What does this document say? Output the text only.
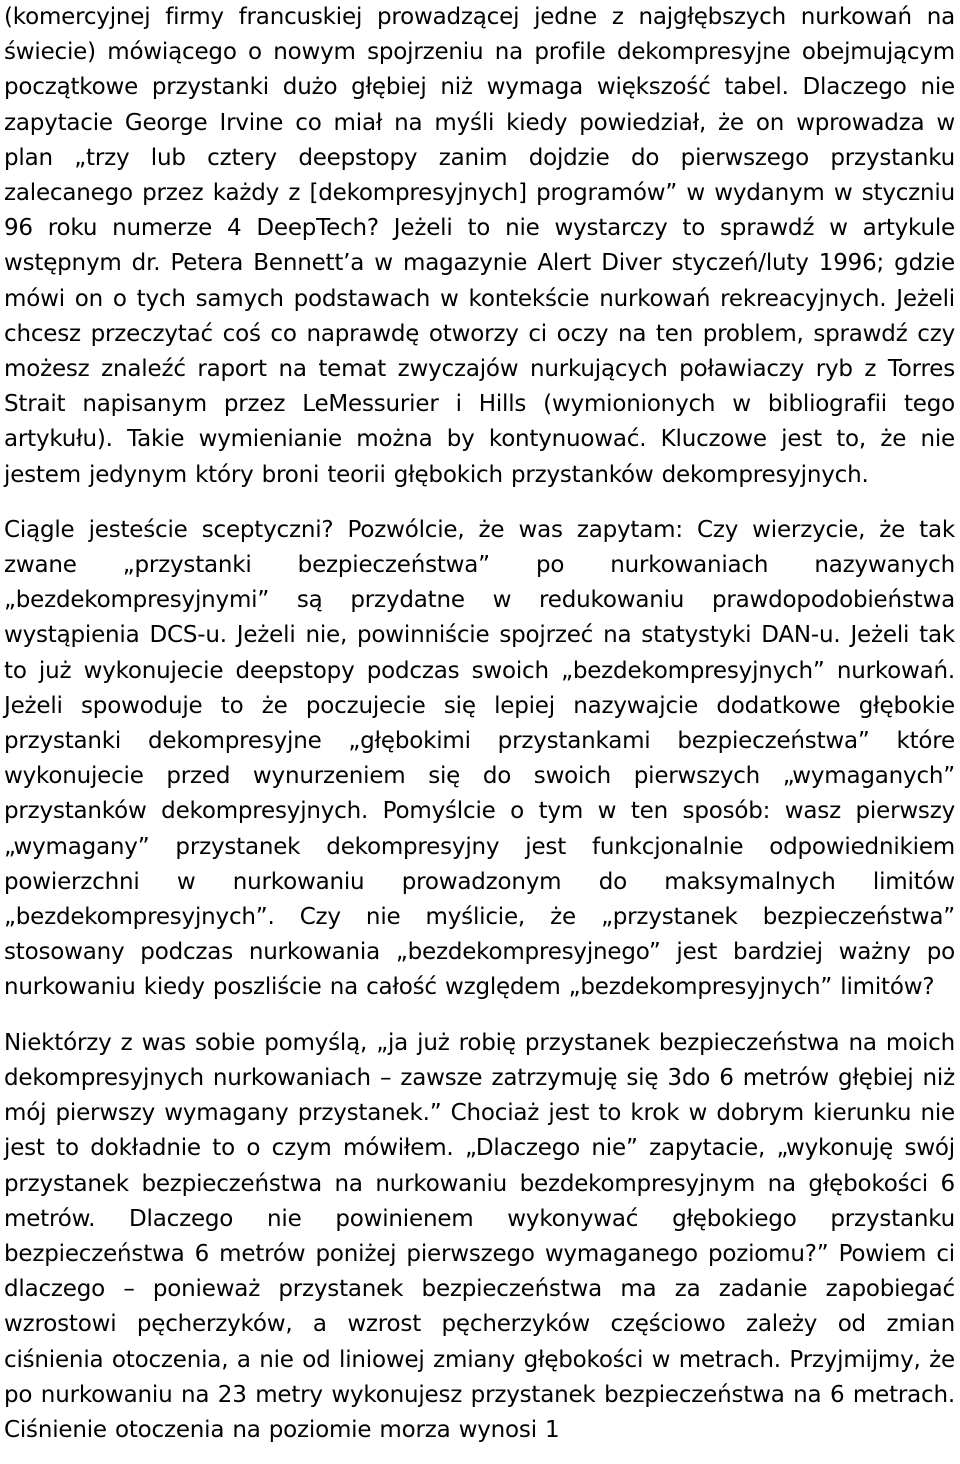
(komercyjnej firmy francuskiej prowadzącej jedne z najgłębszych nurkowań na świecie) mówiącego o nowym spojrzeniu na profile dekompresyjne obejmującym początkowe przystanki dużo głębiej niż wymaga większość tabel. Dlaczego nie zapytacie George Irvine co miał na myśli kiedy powiedział, że on wprowadza w plan „trzy lub cztery deepstopy zanim dojdzie do pierwszego przystanku zalecanego przez każdy z [dekompresyjnych] programów” w wydanym w styczniu 96 roku numerze 4 DeepTech? Jeżeli to nie wystarczy to sprawdź w artykule wstępnym dr. Petera Bennett’a w magazynie Alert Diver styczeń/luty 1996; gdzie mówi on o tych samych podstawach w kontekście nurkowań rekreacyjnych. Jeżeli chcesz przeczytać coś co naprawdę otworzy ci oczy na ten problem, sprawdź czy możesz znaleźć raport na temat zwyczajów nurkujących poławiaczy ryb z Torres Strait napisanym przez LeMessurier i Hills (wymionionych w bibliografii tego artykułu). Takie wymienianie można by kontynuować. Kluczowe jest to, że nie jestem jedynym który broni teorii głębokich przystanków dekompresyjnych.

Ciągle jesteście sceptyczni? Pozwólcie, że was zapytam: Czy wierzycie, że tak zwane „przystanki bezpieczeństwa” po nurkowaniach nazywanych „bezdekompresyjnymi” są przydatne w redukowaniu prawdopodobieństwa wystąpienia DCS-u. Jeżeli nie, powinniście spojrzeć na statystyki DAN-u. Jeżeli tak to już wykonujecie deepstopy podczas swoich „bezdekompresyjnych” nurkowań. Jeżeli spowoduje to że poczujecie się lepiej nazywajcie dodatkowe głębokie przystanki dekompresyjne „głębokimi przystankami bezpieczeństwa” które wykonujecie przed wynurzeniem się do swoich pierwszych „wymaganych” przystanków dekompresyjnych. Pomyślcie o tym w ten sposób: wasz pierwszy „wymagany” przystanek dekompresyjny jest funkcjonalnie odpowiednikiem powierzchni w nurkowaniu prowadzonym do maksymalnych limitów „bezdekompresyjnych”. Czy nie myślicie, że „przystanek bezpieczeństwa” stosowany podczas nurkowania „bezdekompresyjnego” jest bardziej ważny po nurkowaniu kiedy poszliście na całość względem „bezdekompresyjnych” limitów?

Niektórzy z was sobie pomyślą, „ja już robię przystanek bezpieczeństwa na moich dekompresyjnych nurkowaniach – zawsze zatrzymuję się 3do 6 metrów głębiej niż mój pierwszy wymagany przystanek.” Chociaż jest to krok w dobrym kierunku nie jest to dokładnie to o czym mówiłem. „Dlaczego nie” zapytacie, „wykonuję swój przystanek bezpieczeństwa na nurkowaniu bezdekompresyjnym na głębokości 6 metrów. Dlaczego nie powinienem wykonywać głębokiego przystanku bezpieczeństwa 6 metrów poniżej pierwszego wymaganego poziomu?” Powiem ci dlaczego – ponieważ przystanek bezpieczeństwa ma za zadanie zapobiegać wzrostowi pęcherzyków, a wzrost pęcherzyków częściowo zależy od zmian ciśnienia otoczenia, a nie od liniowej zmiany głębokości w metrach. Przyjmijmy, że po nurkowaniu na 23 metry wykonujesz przystanek bezpieczeństwa na 6 metrach. Ciśnienie otoczenia na poziomie morza wynosi 1
